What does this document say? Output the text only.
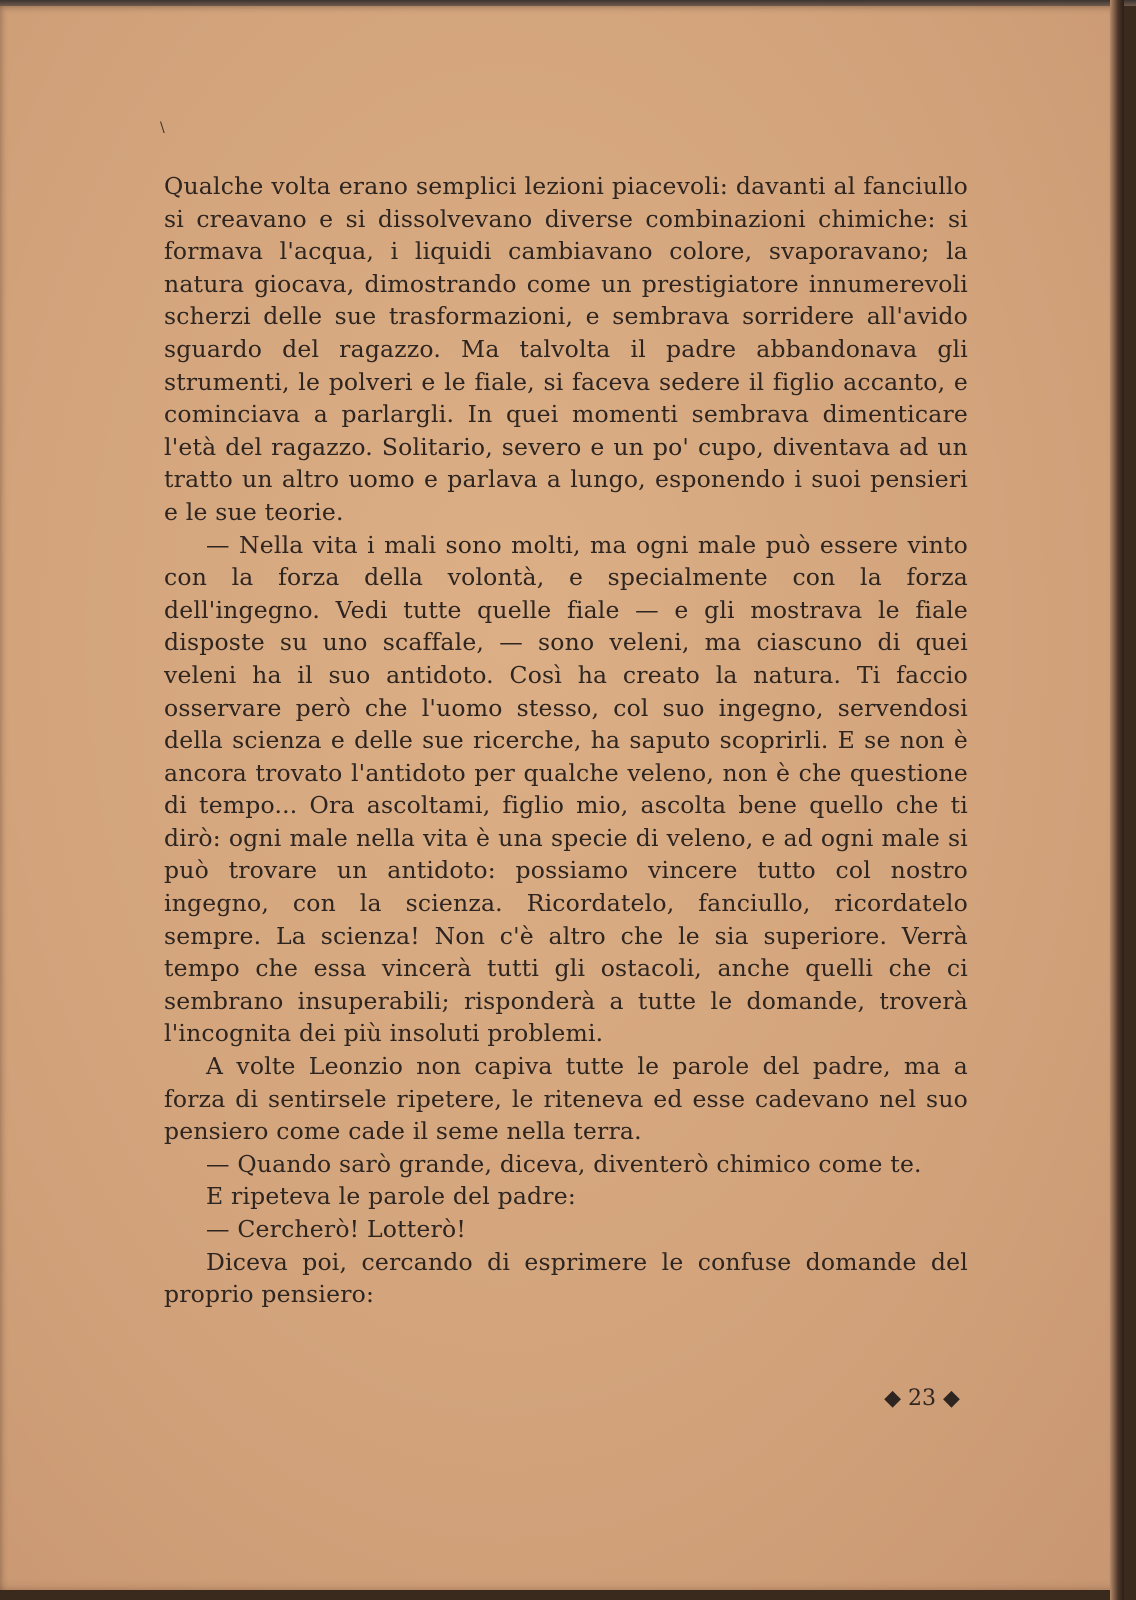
\

Qualche volta erano semplici lezioni piacevoli: davanti al fanciullo si creavano e si dissolvevano diverse combinazioni chimiche: si formava l'acqua, i liquidi cambiavano colore, svaporavano; la natura giocava, dimostrando come un prestigiatore innumerevoli scherzi delle sue trasformazioni, e sembrava sorridere all'avido sguardo del ragazzo. Ma talvolta il padre abbandonava gli strumenti, le polveri e le fiale, si faceva sedere il figlio accanto, e cominciava a parlargli. In quei momenti sembrava dimenticare l'età del ragazzo. Solitario, severo e un po' cupo, diventava ad un tratto un altro uomo e parlava a lungo, esponendo i suoi pensieri e le sue teorie.

— Nella vita i mali sono molti, ma ogni male può essere vinto con la forza della volontà, e specialmente con la forza dell'ingegno. Vedi tutte quelle fiale — e gli mostrava le fiale disposte su uno scaffale, — sono veleni, ma ciascuno di quei veleni ha il suo antidoto. Così ha creato la natura. Ti faccio osservare però che l'uomo stesso, col suo ingegno, servendosi della scienza e delle sue ricerche, ha saputo scoprirli. E se non è ancora trovato l'antidoto per qualche veleno, non è che questione di tempo... Ora ascoltami, figlio mio, ascolta bene quello che ti dirò: ogni male nella vita è una specie di veleno, e ad ogni male si può trovare un antidoto: possiamo vincere tutto col nostro ingegno, con la scienza. Ricordatelo, fanciullo, ricordatelo sempre. La scienza! Non c'è altro che le sia superiore. Verrà tempo che essa vincerà tutti gli ostacoli, anche quelli che ci sembrano insuperabili; risponderà a tutte le domande, troverà l'incognita dei più insoluti problemi.

A volte Leonzio non capiva tutte le parole del padre, ma a forza di sentirsele ripetere, le riteneva ed esse cadevano nel suo pensiero come cade il seme nella terra.

— Quando sarò grande, diceva, diventerò chimico come te.

E ripeteva le parole del padre:

— Cercherò! Lotterò!

Diceva poi, cercando di esprimere le confuse domande del proprio pensiero:

◆ 23 ◆
